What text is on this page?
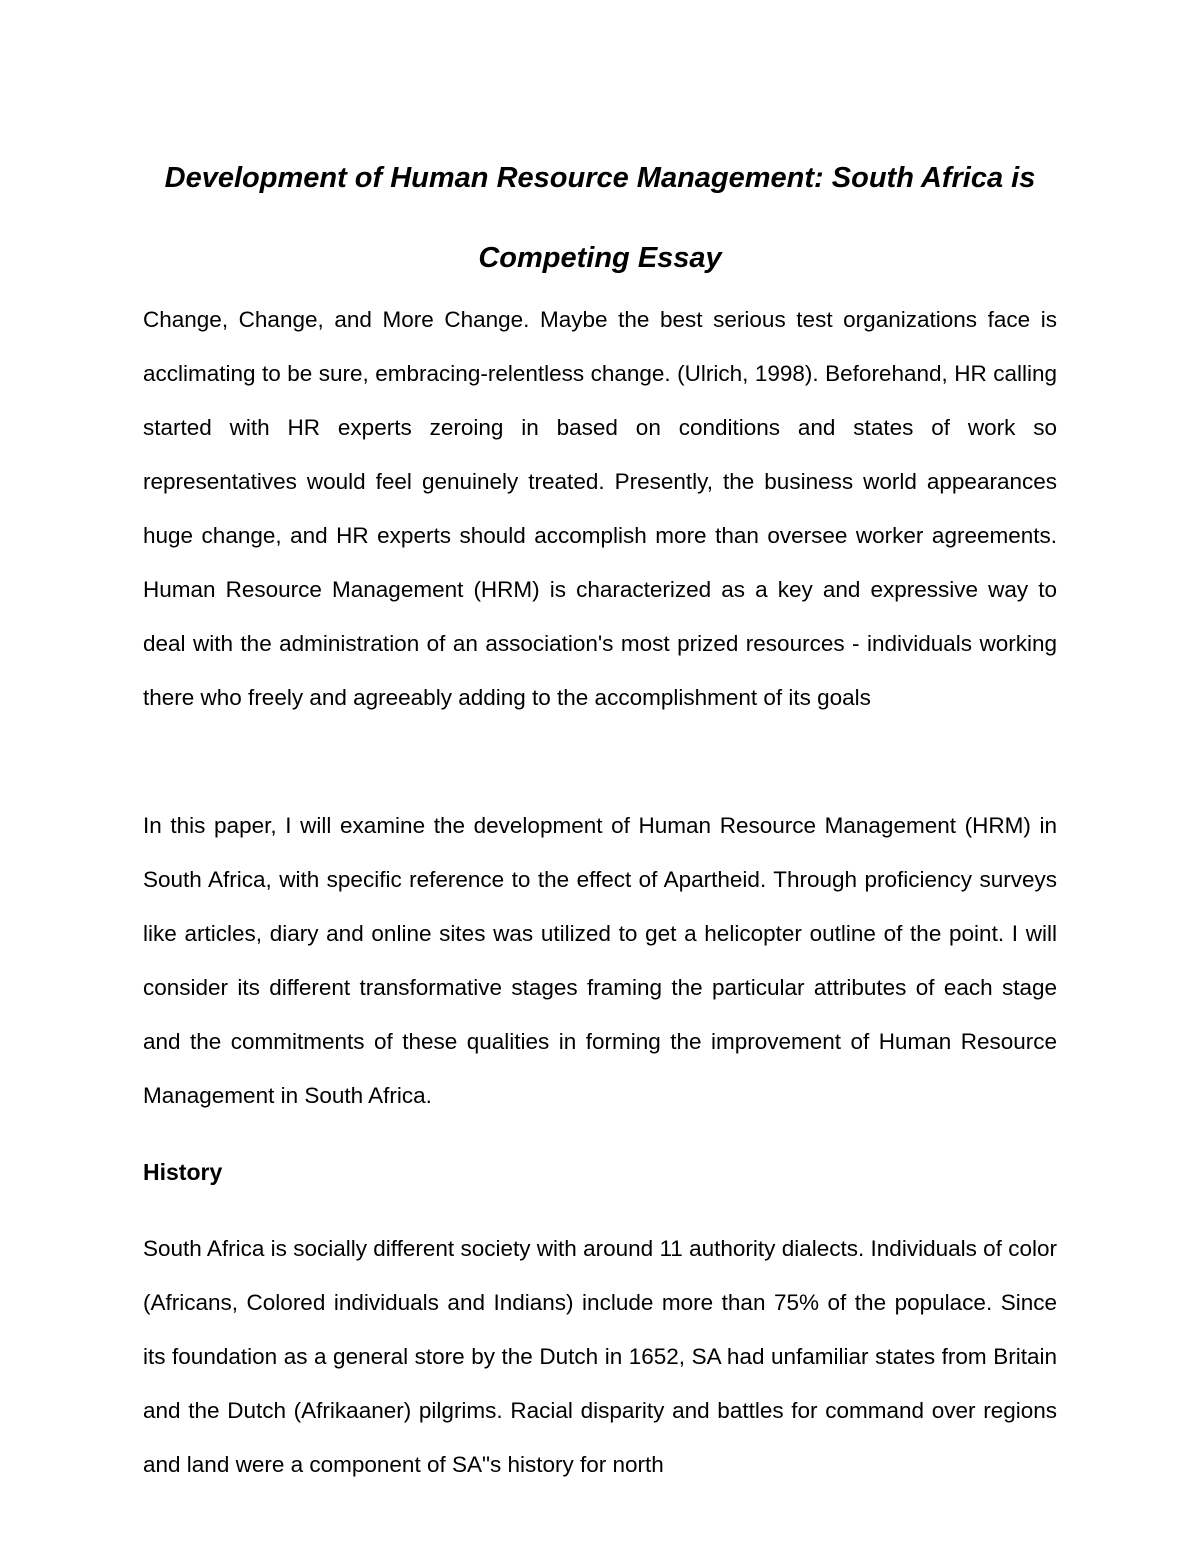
Development of Human Resource Management: South Africa is Competing Essay

Change, Change, and More Change. Maybe the best serious test organizations face is acclimating to be sure, embracing-relentless change. (Ulrich, 1998). Beforehand, HR calling started with HR experts zeroing in based on conditions and states of work so representatives would feel genuinely treated. Presently, the business world appearances huge change, and HR experts should accomplish more than oversee worker agreements. Human Resource Management (HRM) is characterized as a key and expressive way to deal with the administration of an association's most prized resources - individuals working there who freely and agreeably adding to the accomplishment of its goals

In this paper, I will examine the development of Human Resource Management (HRM) in South Africa, with specific reference to the effect of Apartheid. Through proficiency surveys like articles, diary and online sites was utilized to get a helicopter outline of the point. I will consider its different transformative stages framing the particular attributes of each stage and the commitments of these qualities in forming the improvement of Human Resource Management in South Africa.

History

South Africa is socially different society with around 11 authority dialects. Individuals of color (Africans, Colored individuals and Indians) include more than 75% of the populace. Since its foundation as a general store by the Dutch in 1652, SA had unfamiliar states from Britain and the Dutch (Afrikaaner) pilgrims. Racial disparity and battles for command over regions and land were a component of SA"s history for north
